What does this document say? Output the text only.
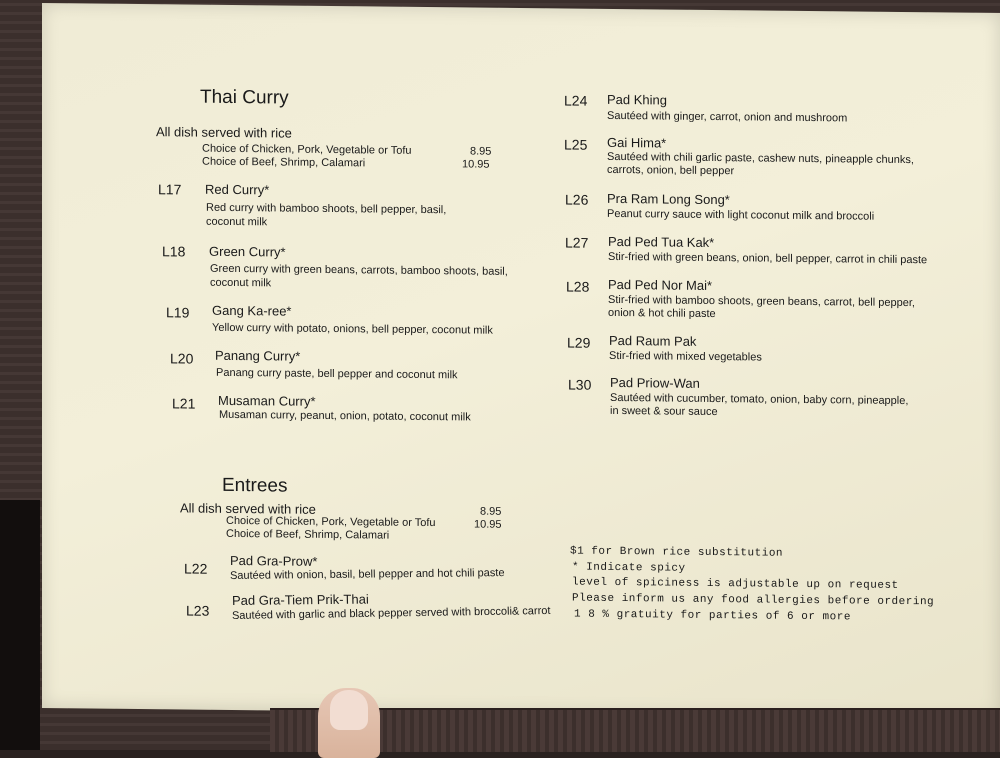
Thai Curry
All dish served with rice
Choice of Chicken, Pork, Vegetable or Tofu	8.95
Choice of Beef, Shrimp, Calamari	10.95
L17 Red Curry*
Red curry with bamboo shoots, bell pepper, basil,
coconut milk
L18 Green Curry*
Green curry with green beans, carrots, bamboo shoots, basil,
coconut milk
L19 Gang Ka-ree*
Yellow curry with potato, onions, bell pepper, coconut milk
L20 Panang Curry*
Panang curry paste, bell pepper and coconut milk
L21 Musaman Curry*
Musaman curry, peanut, onion, potato, coconut milk
Entrees
All dish served with rice
Choice of Chicken, Pork, Vegetable or Tofu
8.95
Choice of Beef, Shrimp, Calamari
10.95
L22 Pad Gra-Prow*
Sautéed with onion, basil, bell pepper and hot chili paste
L23
Pad Gra-Tiem Prik-Thai
Sautéed with garlic and black pepper served with broccoli& carrot
L24 Pad Khing
Sautéed with ginger, carrot, onion and mushroom
L25 Gai Hima*
Sautéed with chili garlic paste, cashew nuts, pineapple chunks,
carrots, onion, bell pepper
L26 Pra Ram Long Song*
Peanut curry sauce with light coconut milk and broccoli
L27 Pad Ped Tua Kak*
Stir-fried with green beans, onion, bell pepper, carrot in chili paste
L28 Pad Ped Nor Mai*
Stir-fried with bamboo shoots, green beans, carrot, bell pepper,
onion & hot chili paste
L29 Pad Raum Pak
Stir-fried with mixed vegetables
L30 Pad Priow-Wan
Sautéed with cucumber, tomato, onion, baby corn, pineapple,
in sweet & sour sauce
$1 for Brown rice substitution
* Indicate spicy
level of spiciness is adjustable up on request
Please inform us any food allergies before ordering
1 8 % gratuity for parties of 6 or more
